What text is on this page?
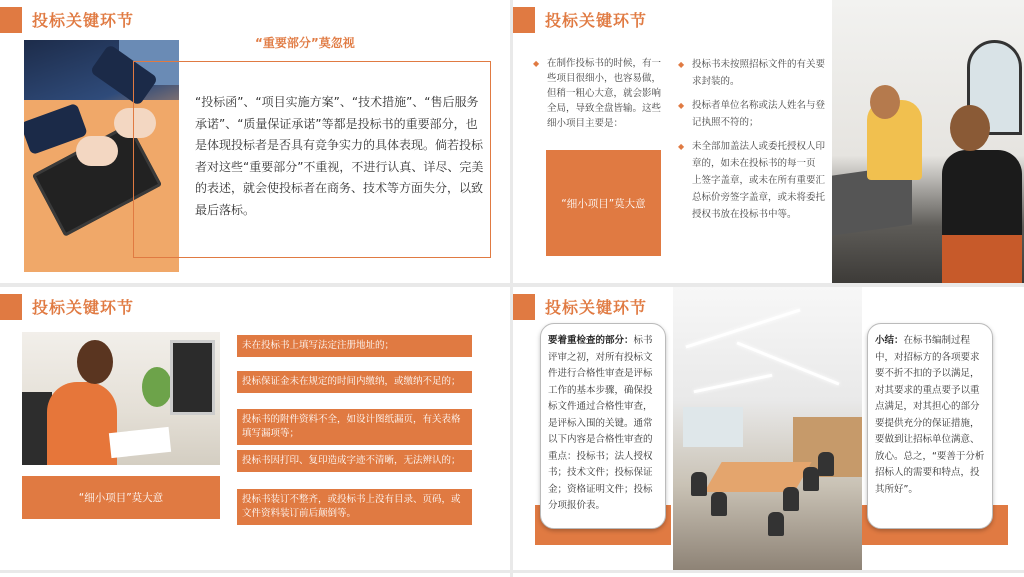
投标关键环节
“重要部分”莫忽视
“投标函”、“项目实施方案”、“技术措施”、“售后服务承诺”、“质量保证承诺”等都是投标书的重要部分，也是体现投标者是否具有竞争实力的具体表现。倘若投标者对这些“重要部分”不重视，不进行认真、详尽、完美的表述，就会使投标者在商务、技术等方面失分，以致最后落标。
投标关键环节
◆ 在制作投标书的时候，有一些项目很细小，也容易做，但稍一粗心大意，就会影响全局，导致全盘皆输。这些细小项目主要是：
“细小项目”莫大意
◆ 投标书未按照招标文件的有关要求封装的。
◆ 投标者单位名称或法人姓名与登记执照不符的；
◆ 未全部加盖法人或委托授权人印章的，如未在投标书的每一页 上签字盖章，或未在所有重要汇总标价旁签字盖章，或未将委托授权书放在投标书中等。
投标关键环节
“细小项目”莫大意
未在投标书上填写法定注册地址的；
投标保证金未在规定的时间内缴纳，或缴纳不足的；
投标书的附件资料不全，如设计图纸漏页，有关表格填写漏项等；
投标书因打印、复印造成字迹不清晰，无法辨认的；
投标书装订不整齐，或投标书上没有目录、页码，或文件资料装订前后颠倒等。
投标关键环节
要着重检查的部分：标书评审之初，对所有投标文件进行合格性审查是评标工作的基本步骤，确保投标文件通过合格性审查，是评标入围的关键。通常以下内容是合格性审查的重点：投标书；法人授权书；技术文件；投标保证金；资格证明文件；投标分项报价表。
小结：在标书编制过程中，对招标方的各项要求要不折不扣的予以满足，对其要求的重点要予以重点满足，对其担心的部分要提供充分的保证措施，要做到让招标单位满意、放心。总之，“要善于分析招标人的需要和特点，投其所好”。
